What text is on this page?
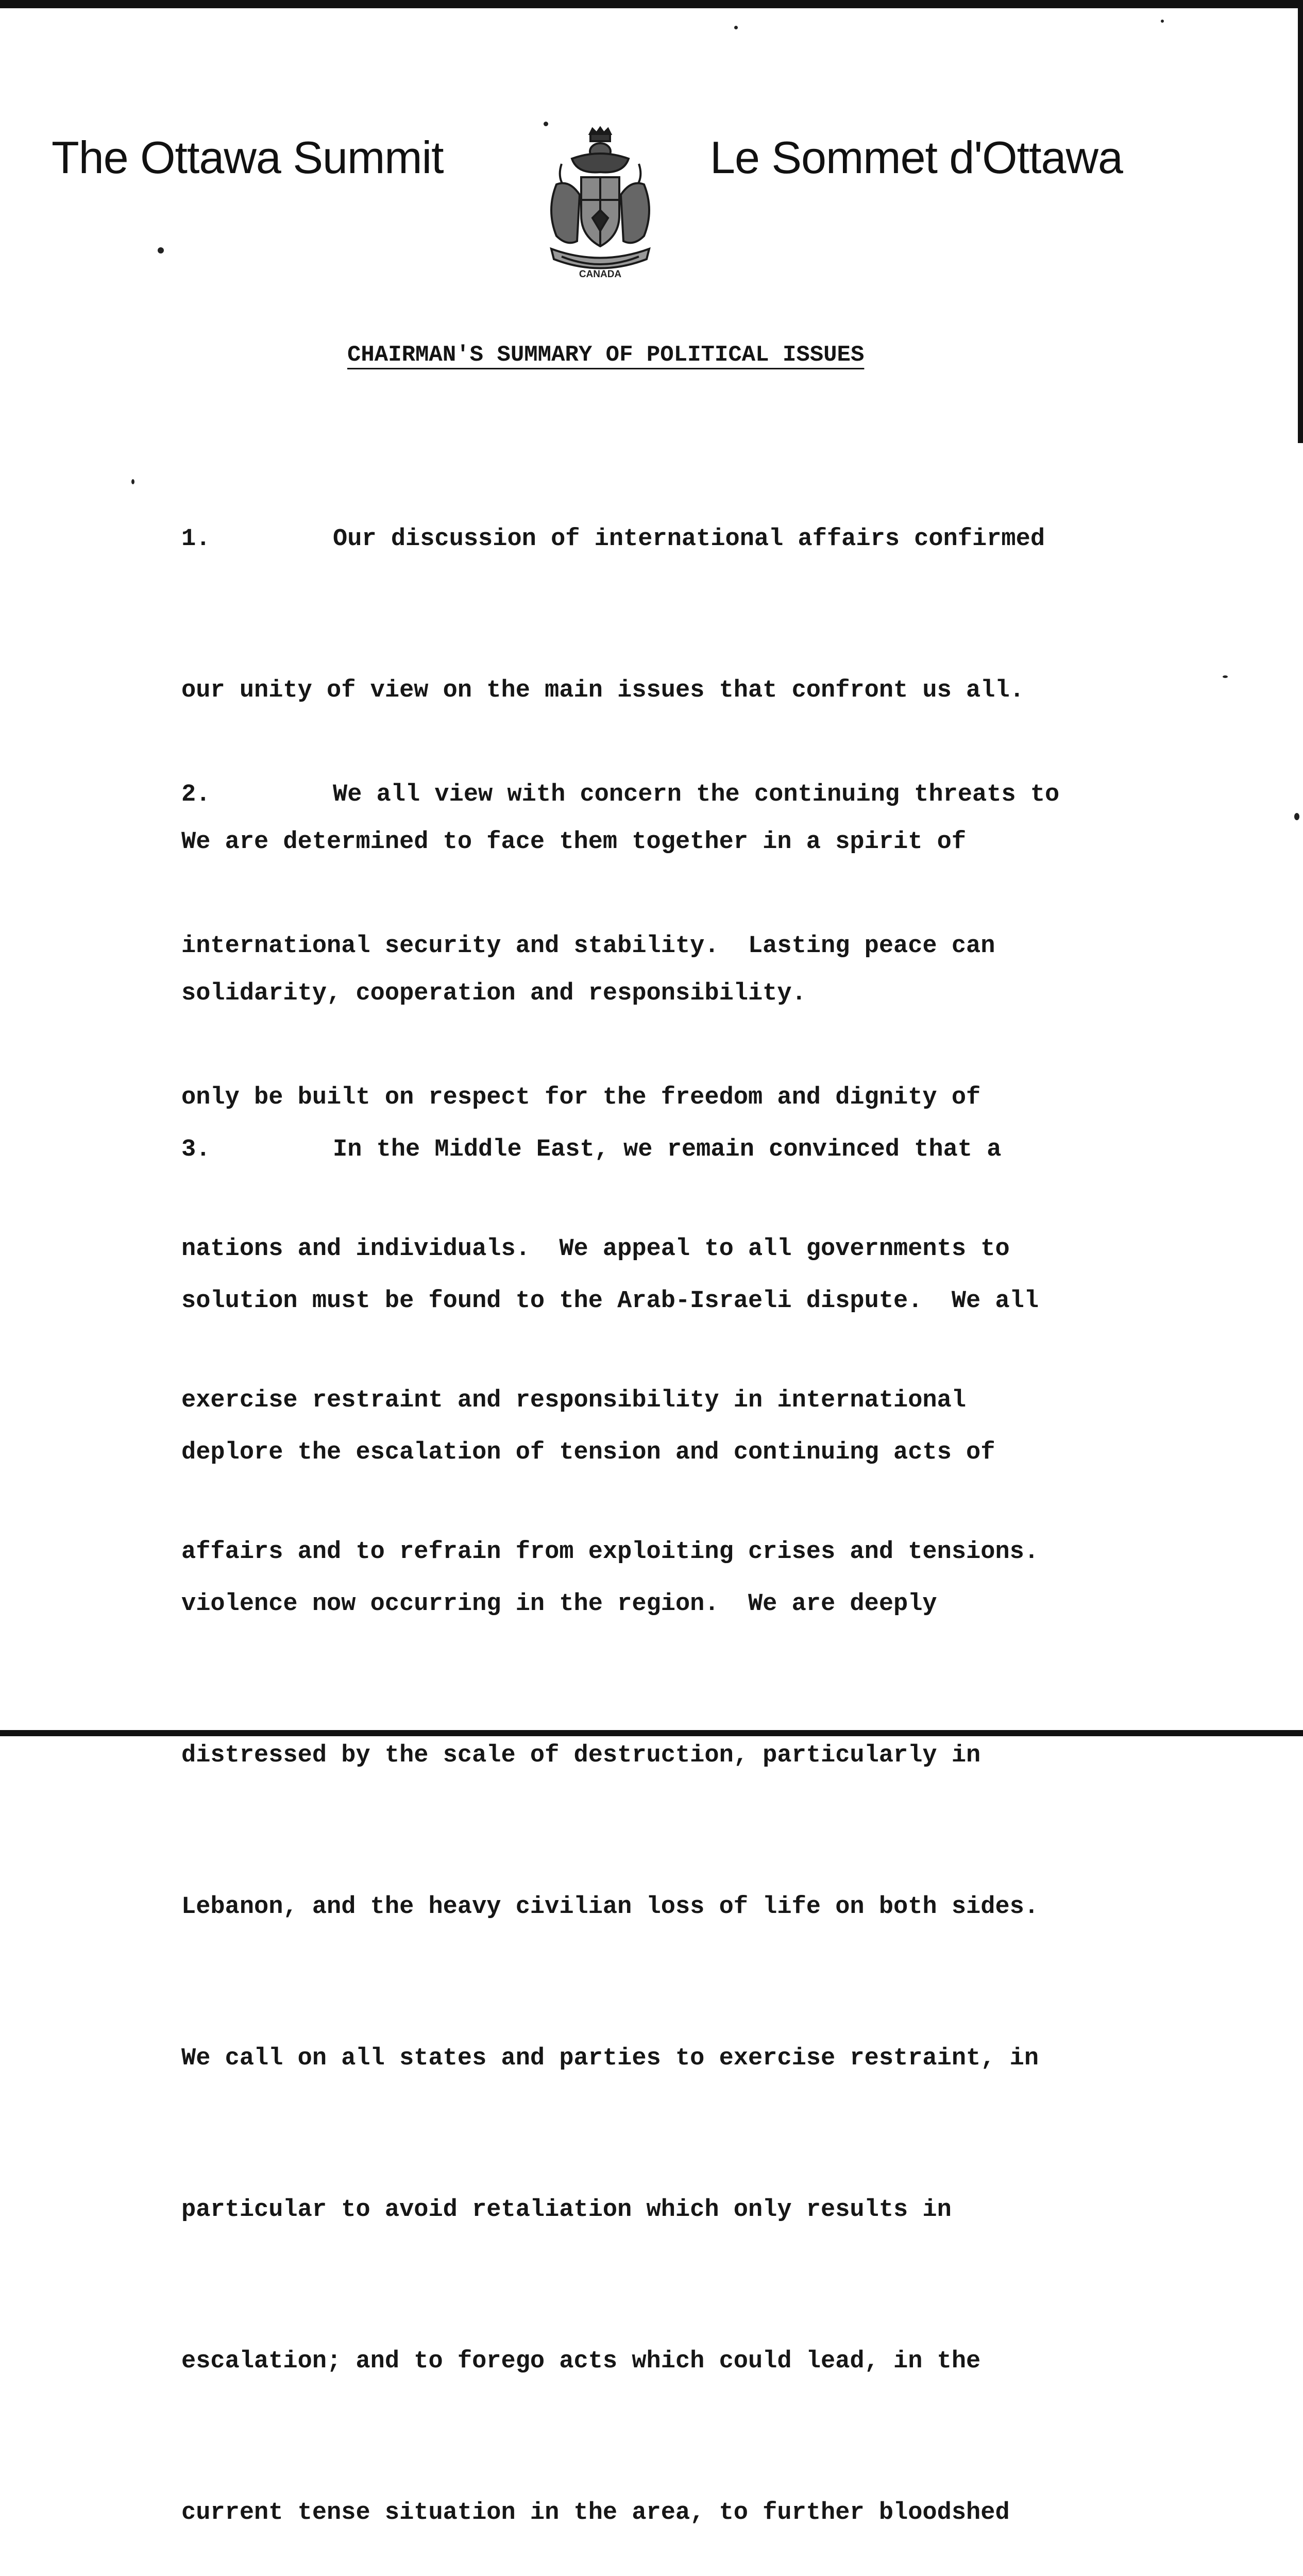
The Ottawa Summit
CANADA
Le Sommet d'Ottawa
CHAIRMAN'S SUMMARY OF POLITICAL ISSUES

1.	Our discussion of international affairs confirmed

our unity of view on the main issues that confront us all.

We are determined to face them together in a spirit of

solidarity, cooperation and responsibility.

2.	We all view with concern the continuing threats to

international security and stability.  Lasting peace can

only be built on respect for the freedom and dignity of

nations and individuals.  We appeal to all governments to

exercise restraint and responsibility in international

affairs and to refrain from exploiting crises and tensions.

3.	In the Middle East, we remain convinced that a

solution must be found to the Arab-Israeli dispute.  We all

deplore the escalation of tension and continuing acts of

violence now occurring in the region.  We are deeply

distressed by the scale of destruction, particularly in

Lebanon, and the heavy civilian loss of life on both sides.

We call on all states and parties to exercise restraint, in

particular to avoid retaliation which only results in

escalation; and to forego acts which could lead, in the

current tense situation in the area, to further bloodshed
